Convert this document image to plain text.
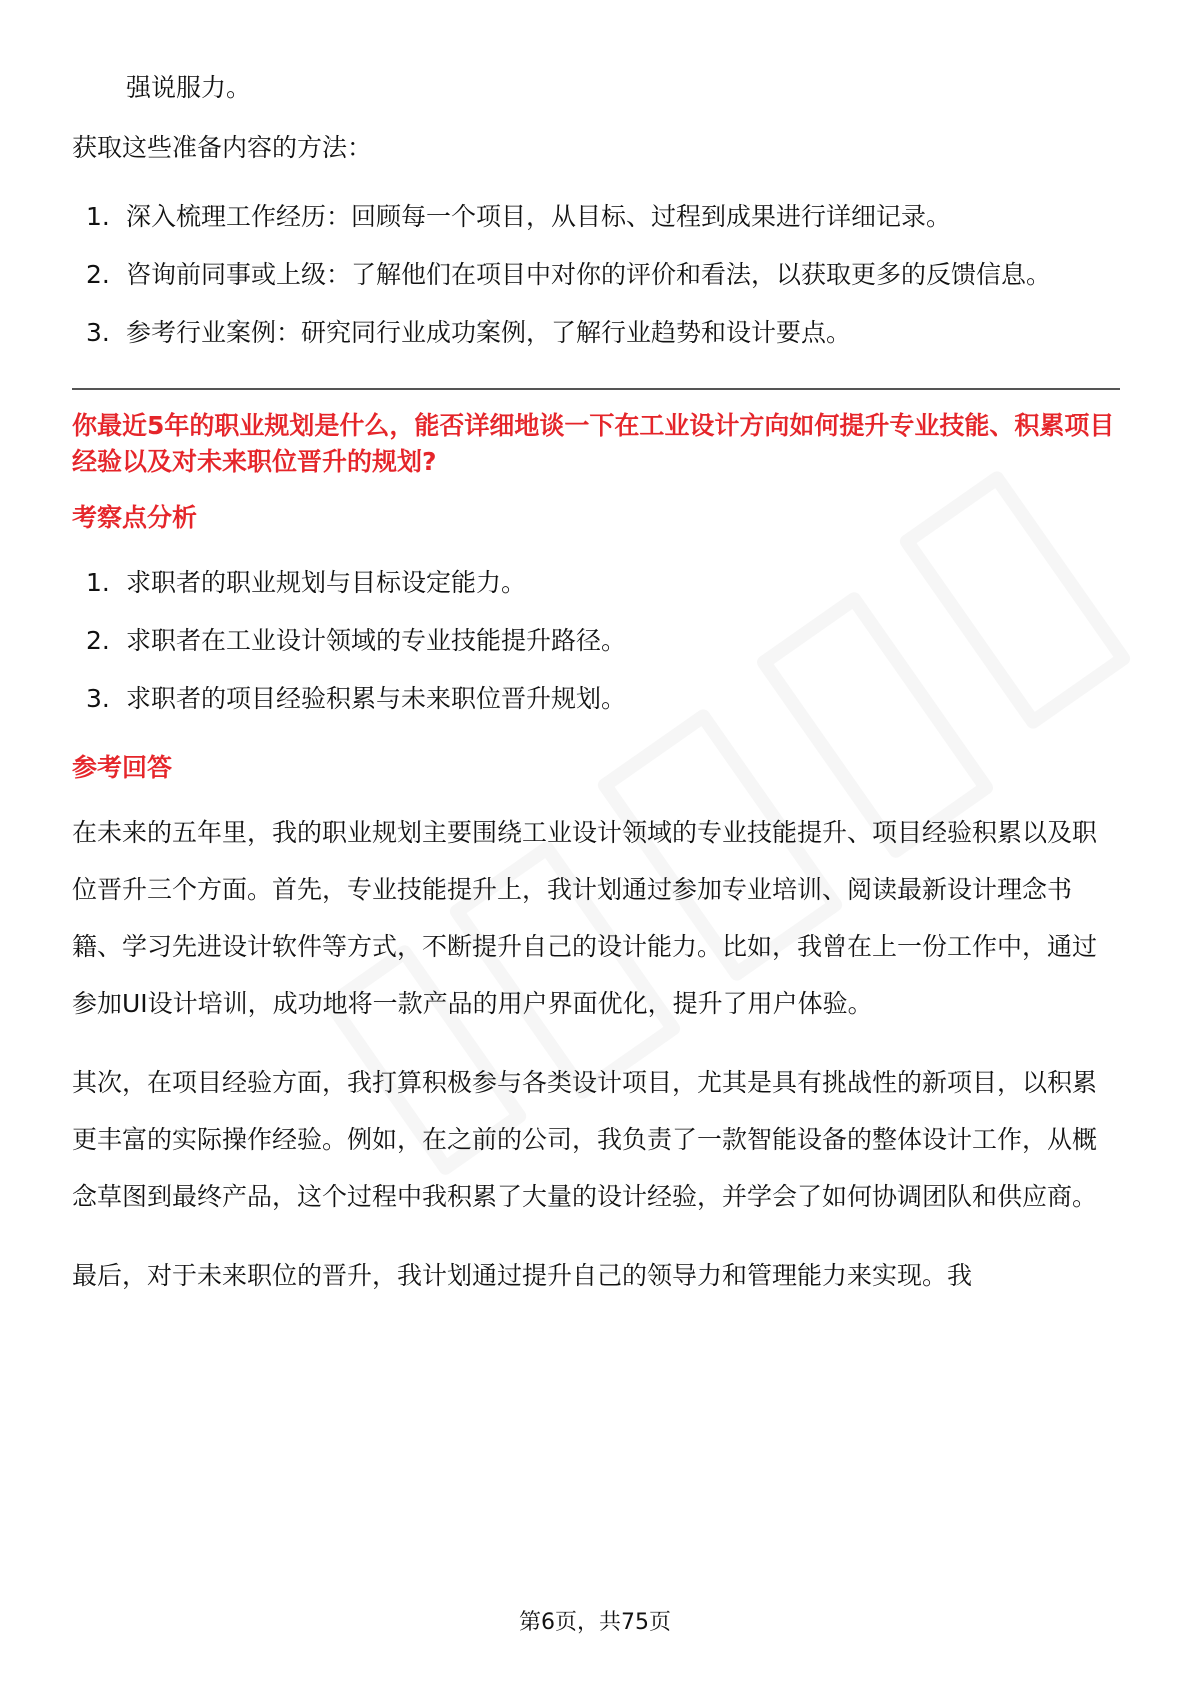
强说服力。

获取这些准备内容的方法：

1. 深入梳理工作经历：回顾每一个项目，从目标、过程到成果进行详细记录。
2. 咨询前同事或上级：了解他们在项目中对你的评价和看法，以获取更多的反馈信息。
3. 参考行业案例：研究同行业成功案例，了解行业趋势和设计要点。

你最近5年的职业规划是什么，能否详细地谈一下在工业设计方向如何提升专业技能、积累项目经验以及对未来职位晋升的规划?

考察点分析

1. 求职者的职业规划与目标设定能力。
2. 求职者在工业设计领域的专业技能提升路径。
3. 求职者的项目经验积累与未来职位晋升规划。

参考回答

在未来的五年里，我的职业规划主要围绕工业设计领域的专业技能提升、项目经验积累以及职位晋升三个方面。首先，专业技能提升上，我计划通过参加专业培训、阅读最新设计理念书籍、学习先进设计软件等方式，不断提升自己的设计能力。比如，我曾在上一份工作中，通过参加UI设计培训，成功地将一款产品的用户界面优化，提升了用户体验。

其次，在项目经验方面，我打算积极参与各类设计项目，尤其是具有挑战性的新项目，以积累更丰富的实际操作经验。例如，在之前的公司，我负责了一款智能设备的整体设计工作，从概念草图到最终产品，这个过程中我积累了大量的设计经验，并学会了如何协调团队和供应商。

最后，对于未来职位的晋升，我计划通过提升自己的领导力和管理能力来实现。我

第6页，共75页
